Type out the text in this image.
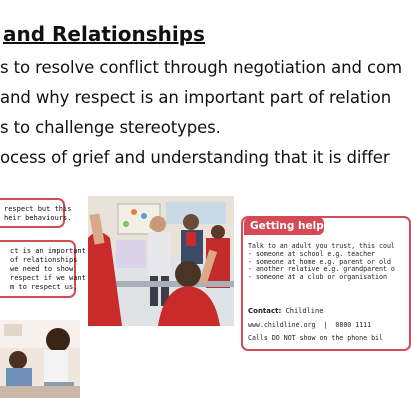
and Relationships
s to resolve conflict through negotiation and com
and why respect is an important part of relation
s to challenge stereotypes.
ocess of grief and understanding that it is differ

respect but this

heir behaviours.

ct is an important

of relationships

we need to show

respect if we want

m to respect us.

Getting help

Talk to an adult you trust, this coul

- someone at school e.g. teacher

- someone at home e.g. parent or old

- another relative e.g. grandparent o

- someone at a club or organisation

Contact: Childline
www.childline.org | 0800 1111
Calls DO NOT show on the phone bil
